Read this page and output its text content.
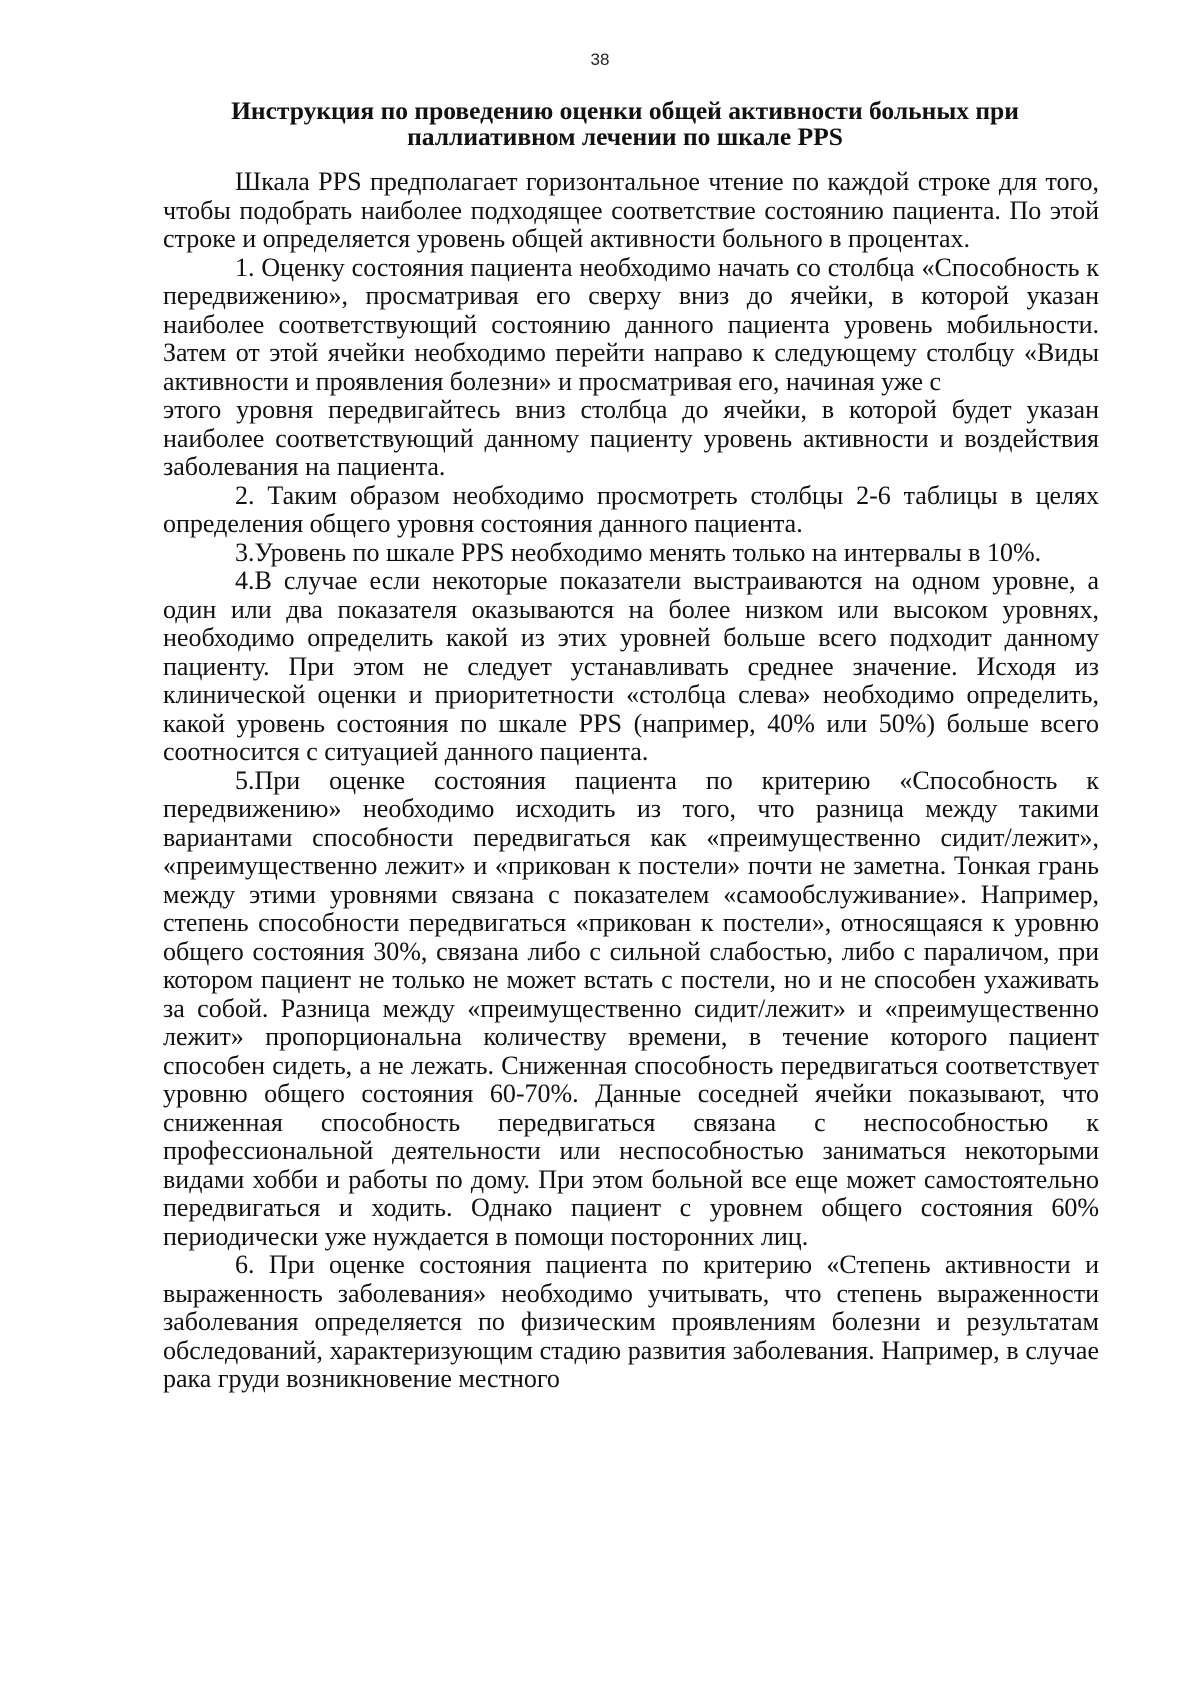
38
Инструкция по проведению оценки общей активности больных при паллиативном лечении по шкале PPS

Шкала PPS предполагает горизонтальное чтение по каждой строке для того, чтобы подобрать наиболее подходящее соответствие состоянию пациента. По этой строке и определяется уровень общей активности больного в процентах.

1. Оценку состояния пациента необходимо начать со столбца «Способность к передвижению», просматривая его сверху вниз до ячейки, в которой указан наиболее соответствующий состоянию данного пациента уровень мобильности. Затем от этой ячейки необходимо перейти направо к следующему столбцу «Виды активности и проявления болезни» и просматривая его, начиная уже с

этого уровня передвигайтесь вниз столбца до ячейки, в которой будет указан наиболее соответствующий данному пациенту уровень активности и воздействия заболевания на пациента.

2. Таким образом необходимо просмотреть столбцы 2-6 таблицы в целях определения общего уровня состояния данного пациента.

3.Уровень по шкале PPS необходимо менять только на интервалы в 10%.

4.В случае если некоторые показатели выстраиваются на одном уровне, а один или два показателя оказываются на более низком или высоком уровнях, необходимо определить какой из этих уровней больше всего подходит данному пациенту. При этом не следует устанавливать среднее значение. Исходя из клинической оценки и приоритетности «столбца слева» необходимо определить, какой уровень состояния по шкале PPS (например, 40% или 50%) больше всего соотносится с ситуацией данного пациента.

5.При оценке состояния пациента по критерию «Способность к передвижению» необходимо исходить из того, что разница между такими вариантами способности передвигаться как «преимущественно сидит/лежит», «преимущественно лежит» и «прикован к постели» почти не заметна. Тонкая грань между этими уровнями связана с показателем «самообслуживание». Например, степень способности передвигаться «прикован к постели», относящаяся к уровню общего состояния 30%, связана либо с сильной слабостью, либо с параличом, при котором пациент не только не может встать с постели, но и не способен ухаживать за собой. Разница между «преимущественно сидит/лежит» и «преимущественно лежит» пропорциональна количеству времени, в течение которого пациент способен сидеть, а не лежать. Сниженная способность передвигаться соответствует уровню общего состояния 60-70%. Данные соседней ячейки показывают, что сниженная способность передвигаться связана с неспособностью к профессиональной деятельности или неспособностью заниматься некоторыми видами хобби и работы по дому. При этом больной все еще может самостоятельно передвигаться и ходить. Однако пациент с уровнем общего состояния 60% периодически уже нуждается в помощи посторонних лиц.

6. При оценке состояния пациента по критерию «Степень активности и выраженность заболевания» необходимо учитывать, что степень выраженности заболевания определяется по физическим проявлениям болезни и результатам обследований, характеризующим стадию развития заболевания. Например, в случае рака груди возникновение местного
